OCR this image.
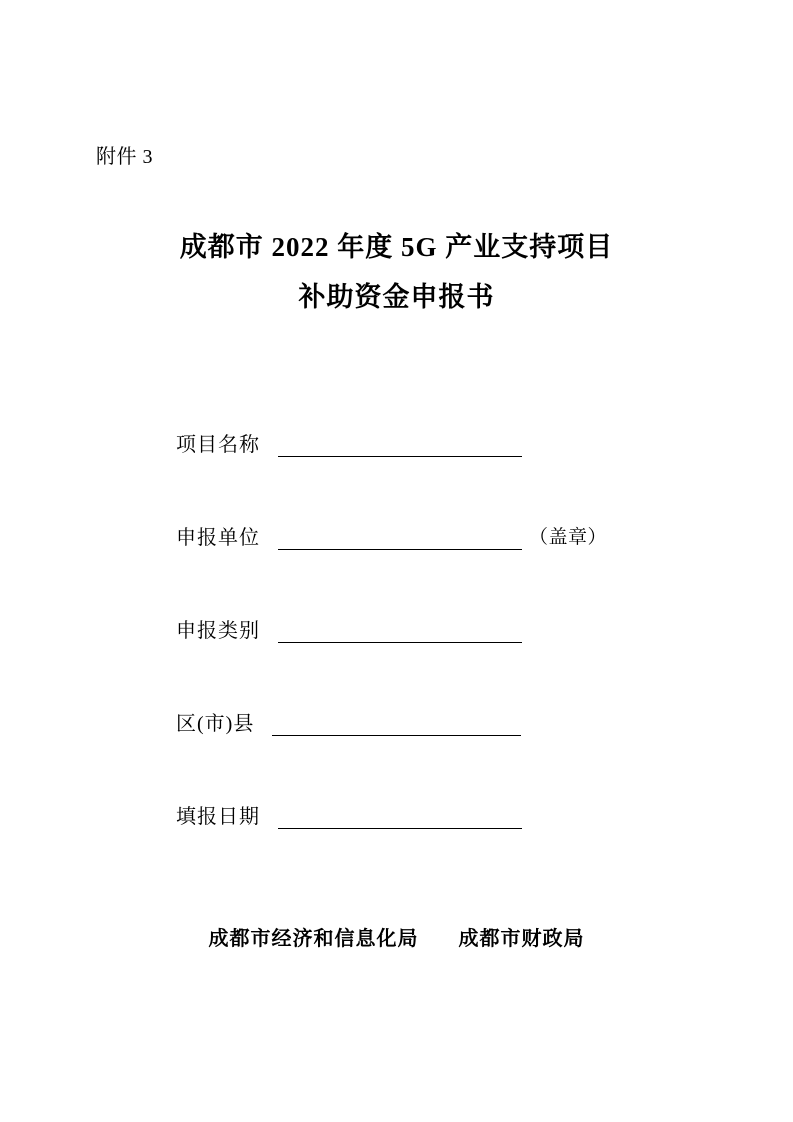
附件 3
成都市 2022 年度 5G 产业支持项目
补助资金申报书
项目名称
申报单位	（盖章）
申报类别
区(市)县
填报日期
成都市经济和信息化局 成都市财政局
